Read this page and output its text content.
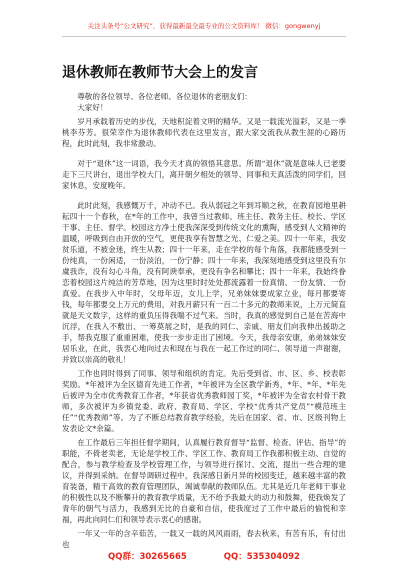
关注头条号“公文研究”，获得最新最全最专业的公文资料库！ 微信：gongwenyj
退休教师在教师节大会上的发言

尊敬的各位领导、各位老师、各位退休的老朋友们：

大家好！

岁月承载着历史的步伐，天地积淀着文明的精华。又是一载流光溢彩，又是一季桃李芬芳。很荣幸作为退休教师代表在这里发言，跟大家交流我从教生涯的心路历程，此时此刻，我非常激动。

对于“退休”这一词语，我今天才真的领悟其意思。所谓“退休”就是意味人已老要走下三尺讲台，退出学校大门，离开朝夕相处的领导、同事和天真活泼的同学们，回家休息，安度晚年。

此时此刻，我感慨万千，冲动不已。我从弱冠之年到耳顺之秋，在教育园地里耕耘四十一个春秋，在*年的工作中，我曾当过教师、班主任、教务主任、校长、学区干事、主任、督学。校园这方净土使我深深受到传统文化的熏陶，感受到人文精神的温暖，呼吸到自由开放的空气，更使我享有智慧之光、仁爱之美。四十一年来，我安贫乐道，不被金迷，终生从教；四十一年来，走在学校的每个角落，我都能感受到一份纯真，一份闲适，一份淡泊，一份宁静；四十一年来，我深刻地感受到这里没有尔虞我诈，没有勾心斗角，没有阿谀奉承，更没有争名和攀比；四十一年来，我始终眷恋着校园这片纯洁的芳草地，因为这里时时处处都流露着一份真情、一份友情、一份真爱。在我步入中年时，父母年迈，女儿上学，兄弟妹妹要成家立业，每月都要寄钱，每年都要交上万元的费用，对我月薪只有一百二十多元的教师来说，上万元简直就是天文数字，这样的重负压得我喘不过气来。当时，我真的感觉到自己是在苦海中沉浮，在我入不敷出、一筹莫展之时，是我的同仁、亲戚、朋友们向我伸出援助之手，帮我克服了重重困难，使我一步步走出了困境。今天，我母亲安康，弟弟妹妹安居乐业，在此，我衷心地向过去和现在与我在一起工作过的同仁、领导道一声谢谢，并致以崇高的敬礼！

工作也同时得到了同事、领导和组织的肯定。先后受到省、市、区、乡、校表彰奖励。*年被评为全区德育先进工作者，*年被评为全区教学新秀，*年、*年、*年先后被评为全市优秀教育工作者，*年获省优秀教师园丁奖，*年被评为全省农村骨干教师，多次被评为乡镇党委、政府、教育局、学区、学校“优秀共产党员”“模范班主任”“优秀教师”等。为了不断总结教育教学经验，先后在国家、省、市、区级刊物上发表论文*余篇。

在工作最后三年担任督学期间，认真履行教育督导“监督、检查、评估、指导”的职能，不倚老卖老，无论是学校工作、学区工作、教育局工作我都积极主动、自觉的配合，参与教学检查及学校管理工作，与领导进行探讨、交流，提出一些合理的建议，并得到采纳。在督导调研过程中，我深感日新月异的校园变迁，越来越丰富的教育装备，精干高效的教育管理团队，竭诚奉献的教师队伍。尤其是近几年老师干事业的积极性以及不断攀升的教育教学质量，无不给予我最大的动力和鼓舞，使我焕发了青年的朝气与活力，我感到无比的自豪和自信，使我度过了工作中最后的愉悦和幸福，再此向同仁们和领导表示衷心的感谢。

一年又一年的含辛茹苦，一载又一载的风风雨雨，春去秋来，有苦有乐，有付出也

QQ群：30265665	QQ：535304092
